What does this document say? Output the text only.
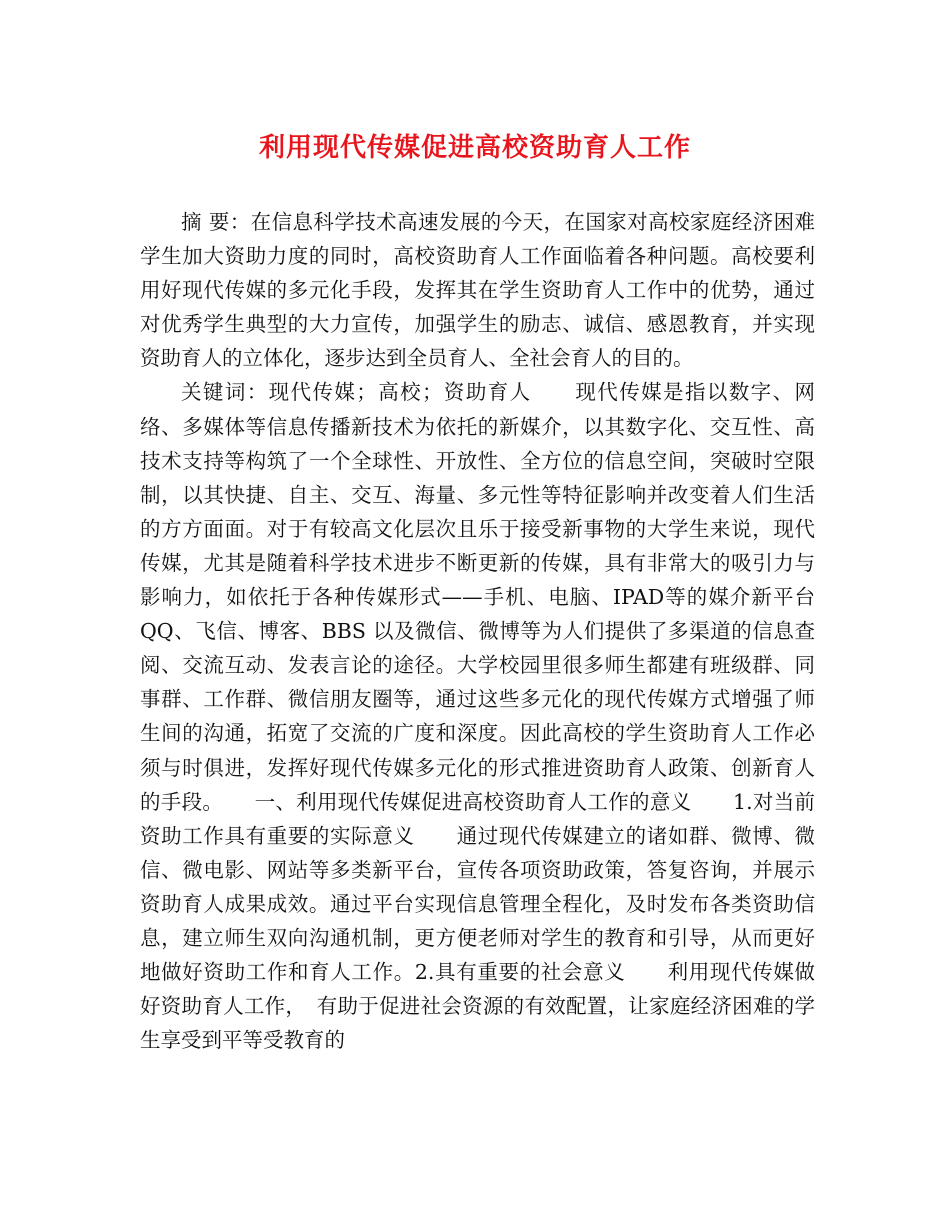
利用现代传媒促进高校资助育人工作

摘 要：在信息科学技术高速发展的今天，在国家对高校家庭经济困难学生加大资助力度的同时，高校资助育人工作面临着各种问题。高校要利用好现代传媒的多元化手段，发挥其在学生资助育人工作中的优势，通过对优秀学生典型的大力宣传，加强学生的励志、诚信、感恩教育，并实现资助育人的立体化，逐步达到全员育人、全社会育人的目的。

关键词：现代传媒；高校；资助育人　　现代传媒是指以数字、网络、多媒体等信息传播新技术为依托的新媒介，以其数字化、交互性、高技术支持等构筑了一个全球性、开放性、全方位的信息空间，突破时空限制，以其快捷、自主、交互、海量、多元性等特征影响并改变着人们生活的方方面面。对于有较高文化层次且乐于接受新事物的大学生来说，现代传媒，尤其是随着科学技术进步不断更新的传媒，具有非常大的吸引力与影响力，如依托于各种传媒形式——手机、电脑、IPAD等的媒介新平台QQ、飞信、博客、BBS 以及微信、微博等为人们提供了多渠道的信息查阅、交流互动、发表言论的途径。大学校园里很多师生都建有班级群、同事群、工作群、微信朋友圈等，通过这些多元化的现代传媒方式增强了师生间的沟通，拓宽了交流的广度和深度。因此高校的学生资助育人工作必须与时俱进，发挥好现代传媒多元化的形式推进资助育人政策、创新育人的手段。　　一、利用现代传媒促进高校资助育人工作的意义　　1.对当前资助工作具有重要的实际意义　　通过现代传媒建立的诸如群、微博、微信、微电影、网站等多类新平台，宣传各项资助政策，答复咨询，并展示资助育人成果成效。通过平台实现信息管理全程化，及时发布各类资助信息，建立师生双向沟通机制，更方便老师对学生的教育和引导，从而更好地做好资助工作和育人工作。2.具有重要的社会意义　　利用现代传媒做好资助育人工作，　有助于促进社会资源的有效配置，让家庭经济困难的学生享受到平等受教育的
